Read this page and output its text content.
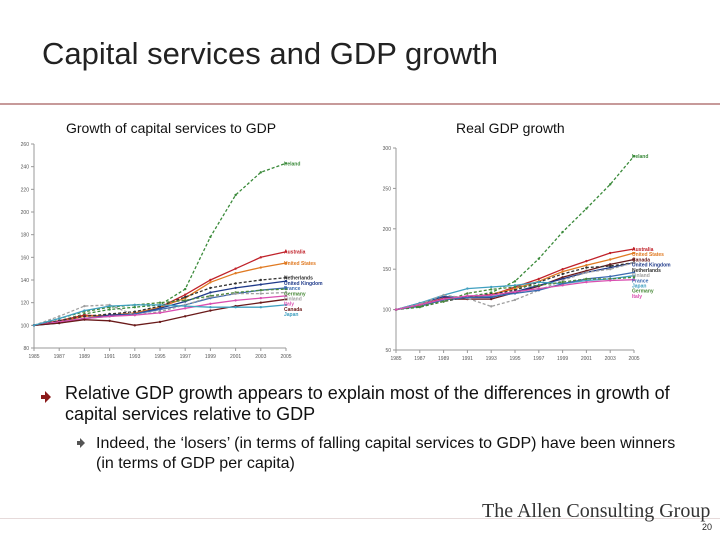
Capital services and GDP growth
Growth of capital services to GDP
80
100
120
140
160
180
200
220
240
260
1985	1987	1989	1991	1993	1995	1997	1999	2001	2003	2005
Ireland
Australia
United States
Netherlands
United Kingdom
France
Germany
Finland
Italy
Canada
Japan
Real GDP growth
50
100
150
200
250
300
1985	1987	1989	1991	1993	1995	1997	1999	2001	2003	2005
Ireland
Australia
United States
Canada
United Kingdom
Netherlands
Finland
France
Japan
Germany
Italy
Relative GDP growth appears to explain most of the differences in growth of capital services relative to GDP
Indeed, the ‘losers’ (in terms of falling capital services to GDP) have been winners (in terms of GDP per capita)
The Allen Consulting Group
20
